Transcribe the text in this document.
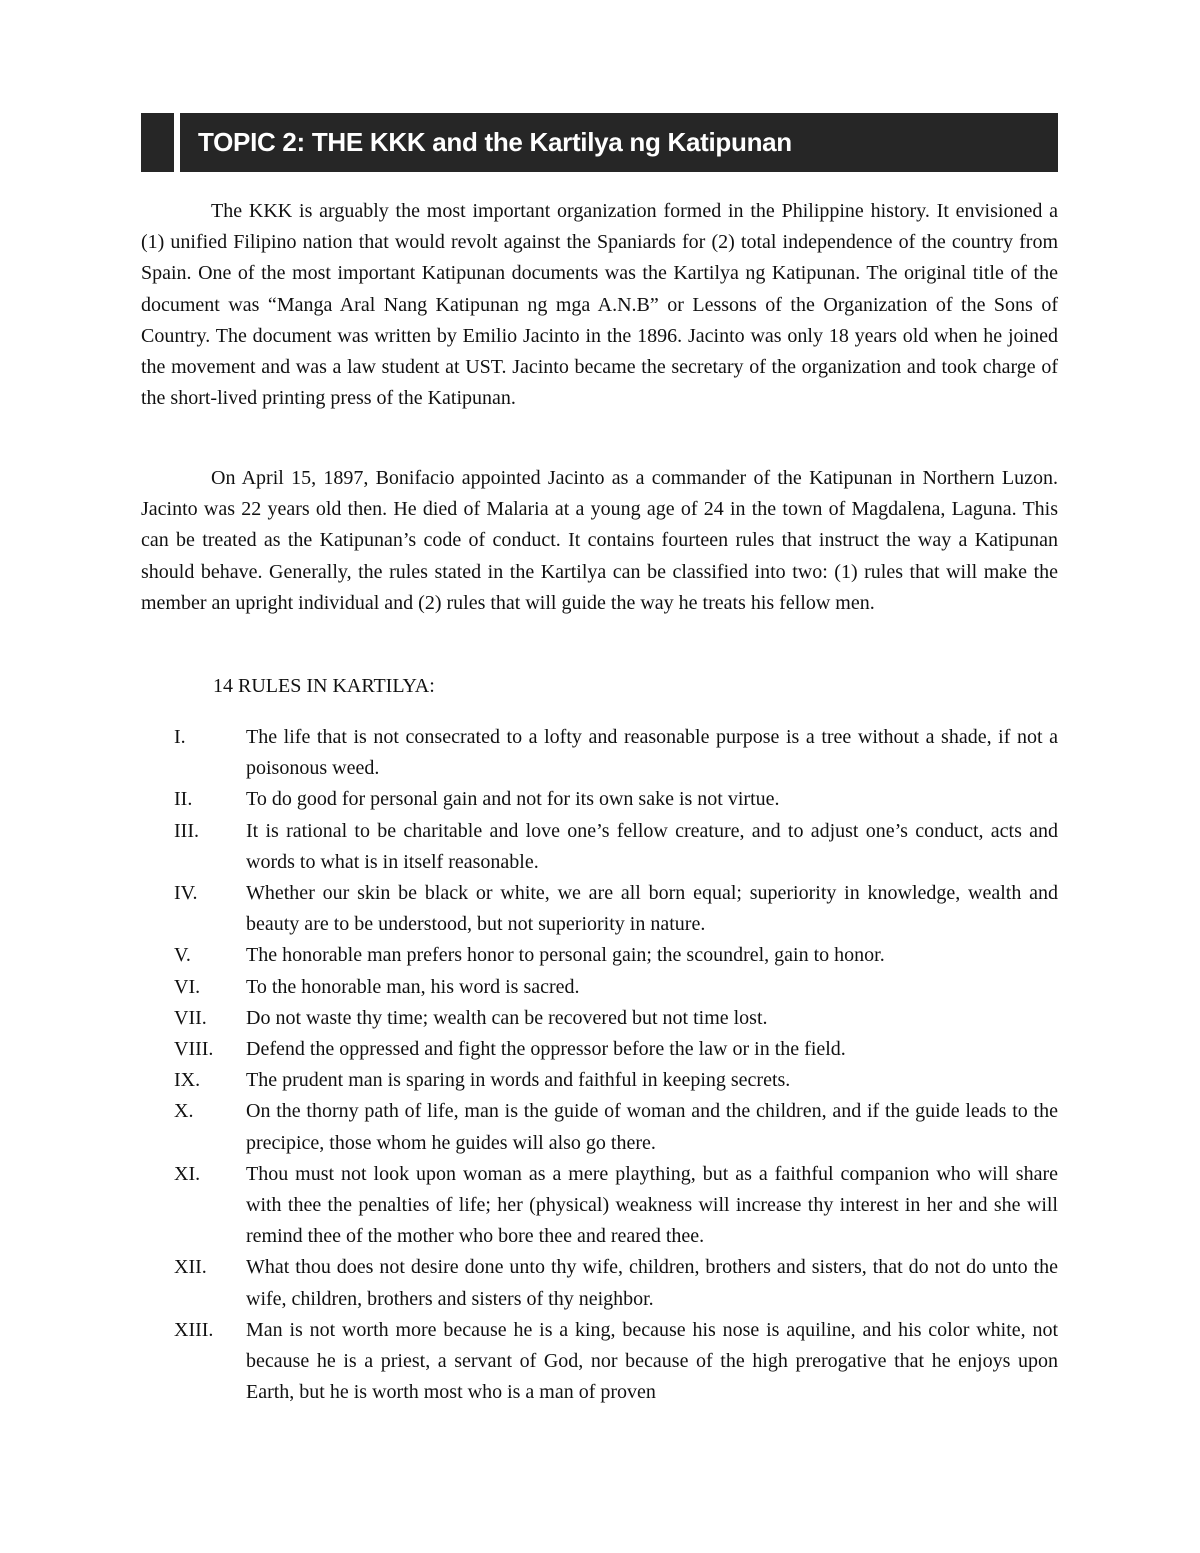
TOPIC 2: THE KKK and the Kartilya ng Katipunan

The KKK is arguably the most important organization formed in the Philippine history. It envisioned a (1) unified Filipino nation that would revolt against the Spaniards for (2) total independence of the country from Spain. One of the most important Katipunan documents was the Kartilya ng Katipunan. The original title of the document was “Manga Aral Nang Katipunan ng mga A.N.B” or Lessons of the Organization of the Sons of Country. The document was written by Emilio Jacinto in the 1896. Jacinto was only 18 years old when he joined the movement and was a law student at UST. Jacinto became the secretary of the organization and took charge of the short-lived printing press of the Katipunan.

On April 15, 1897, Bonifacio appointed Jacinto as a commander of the Katipunan in Northern Luzon. Jacinto was 22 years old then. He died of Malaria at a young age of 24 in the town of Magdalena, Laguna. This can be treated as the Katipunan’s code of conduct. It contains fourteen rules that instruct the way a Katipunan should behave. Generally, the rules stated in the Kartilya can be classified into two: (1) rules that will make the member an upright individual and (2) rules that will guide the way he treats his fellow men.

14 RULES IN KARTILYA:

I.	The life that is not consecrated to a lofty and reasonable purpose is a tree without a shade, if not a poisonous weed.
II.	To do good for personal gain and not for its own sake is not virtue.
III.	It is rational to be charitable and love one’s fellow creature, and to adjust one’s conduct, acts and words to what is in itself reasonable.
IV.	Whether our skin be black or white, we are all born equal; superiority in knowledge, wealth and beauty are to be understood, but not superiority in nature.
V.	The honorable man prefers honor to personal gain; the scoundrel, gain to honor.
VI.	To the honorable man, his word is sacred.
VII.	Do not waste thy time; wealth can be recovered but not time lost.
VIII.	Defend the oppressed and fight the oppressor before the law or in the field.
IX.	The prudent man is sparing in words and faithful in keeping secrets.
X.	On the thorny path of life, man is the guide of woman and the children, and if the guide leads to the precipice, those whom he guides will also go there.
XI.	Thou must not look upon woman as a mere plaything, but as a faithful companion who will share with thee the penalties of life; her (physical) weakness will increase thy interest in her and she will remind thee of the mother who bore thee and reared thee.
XII.	What thou does not desire done unto thy wife, children, brothers and sisters, that do not do unto the wife, children, brothers and sisters of thy neighbor.
XIII.	Man is not worth more because he is a king, because his nose is aquiline, and his color white, not because he is a priest, a servant of God, nor because of the high prerogative that he enjoys upon Earth, but he is worth most who is a man of proven
